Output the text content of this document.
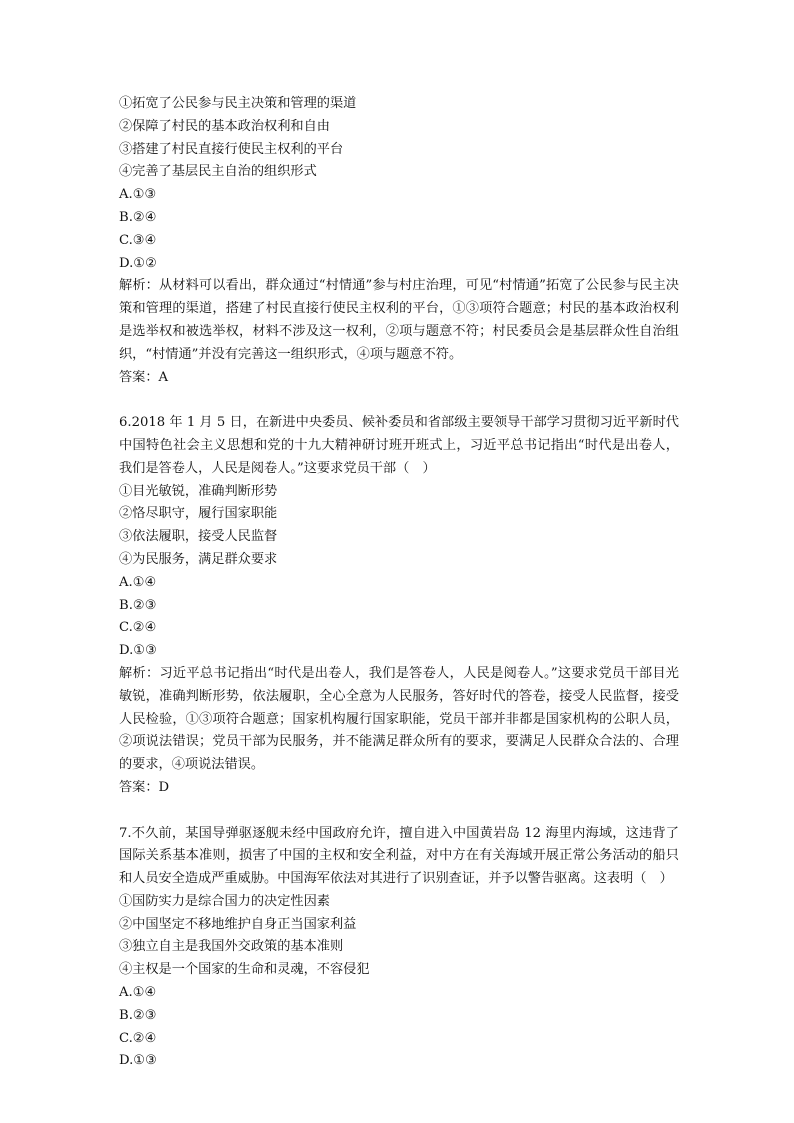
①拓宽了公民参与民主决策和管理的渠道
②保障了村民的基本政治权利和自由
③搭建了村民直接行使民主权利的平台
④完善了基层民主自治的组织形式
A.①③
B.②④
C.③④
D.①②
解析：从材料可以看出，群众通过“村情通”参与村庄治理，可见“村情通”拓宽了公民参与民主决策和管理的渠道，搭建了村民直接行使民主权利的平台，①③项符合题意；村民的基本政治权利是选举权和被选举权，材料不涉及这一权利，②项与题意不符；村民委员会是基层群众性自治组织，“村情通”并没有完善这一组织形式，④项与题意不符。
答案：A
6.2018 年 1 月 5 日，在新进中央委员、候补委员和省部级主要领导干部学习贯彻习近平新时代中国特色社会主义思想和党的十九大精神研讨班开班式上，习近平总书记指出“时代是出卷人，我们是答卷人，人民是阅卷人。”这要求党员干部（　）
①目光敏锐，准确判断形势
②恪尽职守，履行国家职能
③依法履职，接受人民监督
④为民服务，满足群众要求
A.①④
B.②③
C.②④
D.①③
解析：习近平总书记指出“时代是出卷人，我们是答卷人，人民是阅卷人。”这要求党员干部目光敏锐，准确判断形势，依法履职，全心全意为人民服务，答好时代的答卷，接受人民监督，接受人民检验，①③项符合题意；国家机构履行国家职能，党员干部并非都是国家机构的公职人员，②项说法错误；党员干部为民服务，并不能满足群众所有的要求，要满足人民群众合法的、合理的要求，④项说法错误。
答案：D
7.不久前，某国导弹驱逐舰未经中国政府允许，擅自进入中国黄岩岛 12 海里内海域，这违背了国际关系基本准则，损害了中国的主权和安全利益，对中方在有关海域开展正常公务活动的船只和人员安全造成严重威胁。中国海军依法对其进行了识别查证，并予以警告驱离。这表明（　）
①国防实力是综合国力的决定性因素
②中国坚定不移地维护自身正当国家利益
③独立自主是我国外交政策的基本准则
④主权是一个国家的生命和灵魂，不容侵犯
A.①④
B.②③
C.②④
D.①③
